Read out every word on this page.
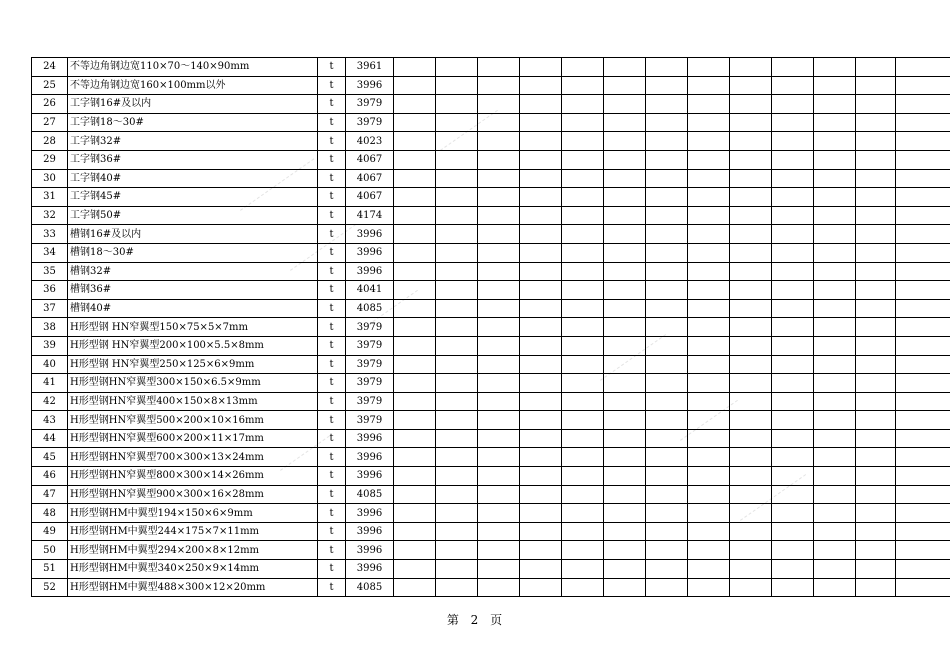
24	不等边角钢边宽110×70～140×90mm	t	3961													
25	不等边角钢边宽160×100mm以外	t	3996													
26	工字钢16#及以内	t	3979													
27	工字钢18～30#	t	3979													
28	工字钢32#	t	4023													
29	工字钢36#	t	4067													
30	工字钢40#	t	4067													
31	工字钢45#	t	4067													
32	工字钢50#	t	4174													
33	槽钢16#及以内	t	3996													
34	槽钢18～30#	t	3996													
35	槽钢32#	t	3996													
36	槽钢36#	t	4041													
37	槽钢40#	t	4085													
38	H形型钢 HN窄翼型150×75×5×7mm	t	3979													
39	H形型钢 HN窄翼型200×100×5.5×8mm	t	3979													
40	H形型钢 HN窄翼型250×125×6×9mm	t	3979													
41	H形型钢HN窄翼型300×150×6.5×9mm	t	3979													
42	H形型钢HN窄翼型400×150×8×13mm	t	3979													
43	H形型钢HN窄翼型500×200×10×16mm	t	3979													
44	H形型钢HN窄翼型600×200×11×17mm	t	3996													
45	H形型钢HN窄翼型700×300×13×24mm	t	3996													
46	H形型钢HN窄翼型800×300×14×26mm	t	3996													
47	H形型钢HN窄翼型900×300×16×28mm	t	4085													
48	H形型钢HM中翼型194×150×6×9mm	t	3996													
49	H形型钢HM中翼型244×175×7×11mm	t	3996													
50	H形型钢HM中翼型294×200×8×12mm	t	3996													
51	H形型钢HM中翼型340×250×9×14mm	t	3996													
52	H形型钢HM中翼型488×300×12×20mm	t	4085													
第 2 页
